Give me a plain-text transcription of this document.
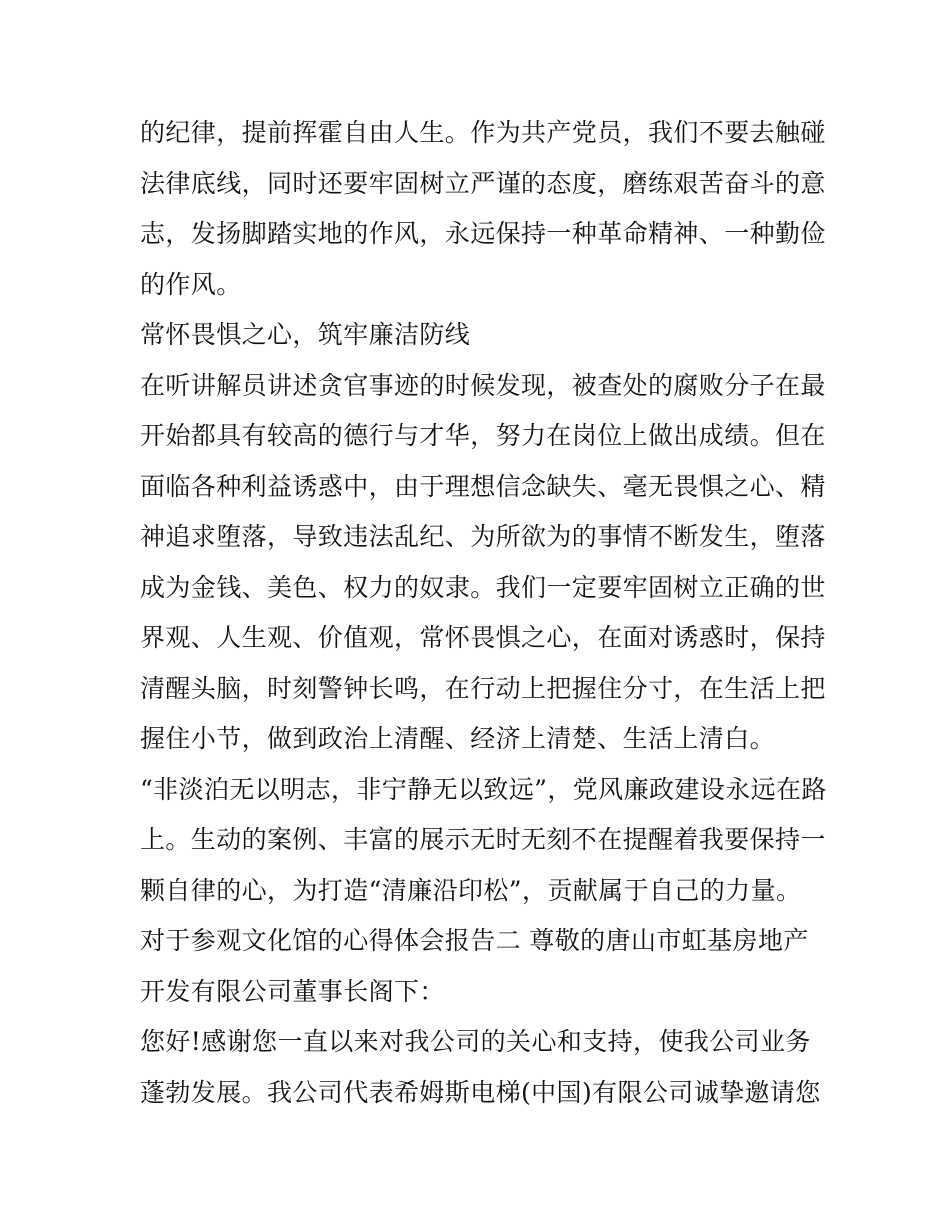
的纪律，提前挥霍自由人生。作为共产党员，我们不要去触碰
法律底线，同时还要牢固树立严谨的态度，磨练艰苦奋斗的意
志，发扬脚踏实地的作风，永远保持一种革命精神、一种勤俭
的作风。
常怀畏惧之心，筑牢廉洁防线
在听讲解员讲述贪官事迹的时候发现，被查处的腐败分子在最
开始都具有较高的德行与才华，努力在岗位上做出成绩。但在
面临各种利益诱惑中，由于理想信念缺失、毫无畏惧之心、精
神追求堕落，导致违法乱纪、为所欲为的事情不断发生，堕落
成为金钱、美色、权力的奴隶。我们一定要牢固树立正确的世
界观、人生观、价值观，常怀畏惧之心，在面对诱惑时，保持
清醒头脑，时刻警钟长鸣，在行动上把握住分寸，在生活上把
握住小节，做到政治上清醒、经济上清楚、生活上清白。
“非淡泊无以明志，非宁静无以致远”，党风廉政建设永远在路
上。生动的案例、丰富的展示无时无刻不在提醒着我要保持一
颗自律的心，为打造“清廉沿印松”，贡献属于自己的力量。
对于参观文化馆的心得体会报告二 尊敬的唐山市虹基房地产
开发有限公司董事长阁下：
您好!感谢您一直以来对我公司的关心和支持，使我公司业务
蓬勃发展。我公司代表希姆斯电梯(中国)有限公司诚挚邀请您
